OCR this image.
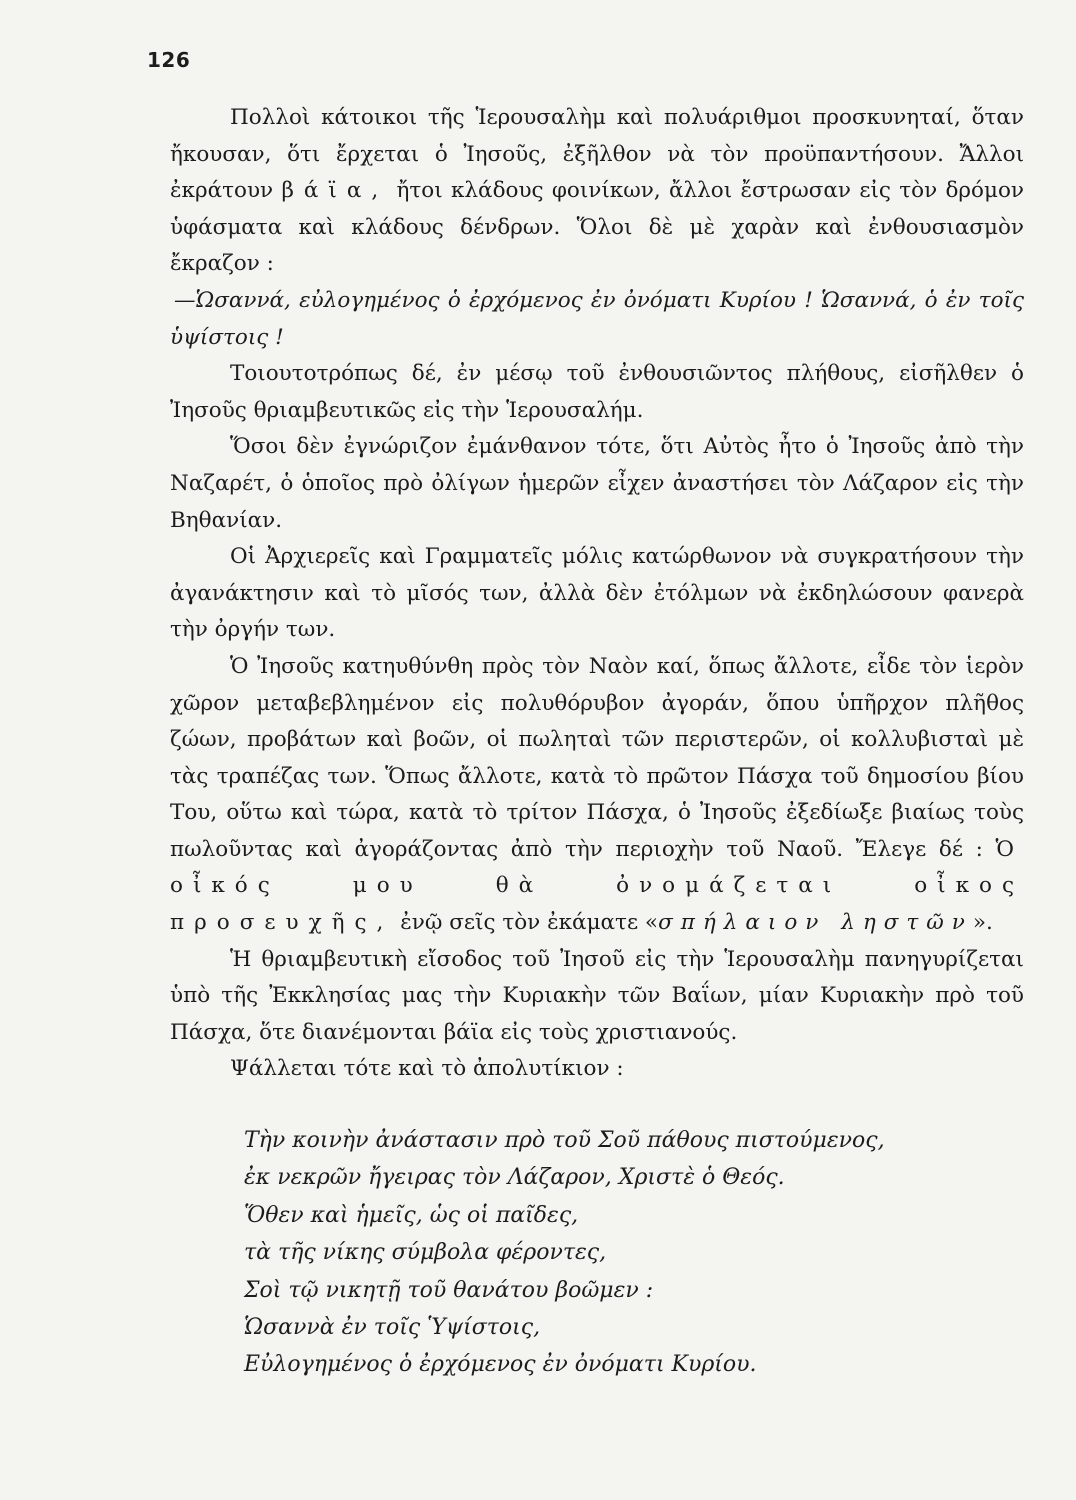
126

Πολλοὶ κάτοικοι τῆς Ἱερουσαλὴμ καὶ πολυάριθμοι προσκυνηταί, ὅταν ἤκουσαν, ὅτι ἔρχεται ὁ Ἰησοῦς, ἐξῆλθον νὰ τὸν προϋπαντήσουν. Ἄλλοι ἐκράτουν βάϊα, ἤτοι κλάδους φοινίκων, ἄλλοι ἔστρωσαν εἰς τὸν δρόμον ὑφάσματα καὶ κλάδους δένδρων. Ὅλοι δὲ μὲ χαρὰν καὶ ἐνθουσιασμὸν ἔκραζον :

—Ὡσαννά, εὐλογημένος ὁ ἐρχόμενος ἐν ὀνόματι Κυρίου ! Ὡσαννά, ὁ ἐν τοῖς ὑψίστοις !

Τοιουτοτρόπως δέ, ἐν μέσῳ τοῦ ἐνθουσιῶντος πλήθους, εἰσῆλθεν ὁ Ἰησοῦς θριαμβευτικῶς εἰς τὴν Ἱερουσαλήμ.

Ὅσοι δὲν ἐγνώριζον ἐμάνθανον τότε, ὅτι Αὐτὸς ἦτο ὁ Ἰησοῦς ἀπὸ τὴν Ναζαρέτ, ὁ ὁποῖος πρὸ ὀλίγων ἡμερῶν εἶχεν ἀναστήσει τὸν Λάζαρον εἰς τὴν Βηθανίαν.

Οἱ Ἀρχιερεῖς καὶ Γραμματεῖς μόλις κατώρθωνον νὰ συγκρατήσουν τὴν ἀγανάκτησιν καὶ τὸ μῖσός των, ἀλλὰ δὲν ἐτόλμων νὰ ἐκδηλώσουν φανερὰ τὴν ὀργήν των.

Ὁ Ἰησοῦς κατηυθύνθη πρὸς τὸν Ναὸν καί, ὅπως ἄλλοτε, εἶδε τὸν ἱερὸν χῶρον μεταβεβλημένον εἰς πολυθόρυβον ἀγοράν, ὅπου ὑπῆρχον πλῆθος ζώων, προβάτων καὶ βοῶν, οἱ πωληταὶ τῶν περιστερῶν, οἱ κολλυβισταὶ μὲ τὰς τραπέζας των. Ὅπως ἄλλοτε, κατὰ τὸ πρῶτον Πάσχα τοῦ δημοσίου βίου Του, οὕτω καὶ τώρα, κατὰ τὸ τρίτον Πάσχα, ὁ Ἰησοῦς ἐξεδίωξε βιαίως τοὺς πωλοῦντας καὶ ἀγοράζοντας ἀπὸ τὴν περιοχὴν τοῦ Ναοῦ. Ἔλεγε δέ : Ὁ οἶκός μου θὰ ὀνομάζεται οἶκος προσευχῆς, ἐνῷ σεῖς τὸν ἐκάματε «σπήλαιον ληστῶν».

Ἡ θριαμβευτικὴ εἴσοδος τοῦ Ἰησοῦ εἰς τὴν Ἱερουσαλὴμ πανηγυρίζεται ὑπὸ τῆς Ἐκκλησίας μας τὴν Κυριακὴν τῶν Βαΐων, μίαν Κυριακὴν πρὸ τοῦ Πάσχα, ὅτε διανέμονται βάϊα εἰς τοὺς χριστιανούς.

Ψάλλεται τότε καὶ τὸ ἀπολυτίκιον :

Τὴν κοινὴν ἀνάστασιν πρὸ τοῦ Σοῦ πάθους πιστούμενος,
ἐκ νεκρῶν ἤγειρας τὸν Λάζαρον, Χριστὲ ὁ Θεός.
Ὅθεν καὶ ἡμεῖς, ὡς οἱ παῖδες,
τὰ τῆς νίκης σύμβολα φέροντες,
Σοὶ τῷ νικητῇ τοῦ θανάτου βοῶμεν :
Ὡσαννὰ ἐν τοῖς Ὑψίστοις,
Εὐλογημένος ὁ ἐρχόμενος ἐν ὀνόματι Κυρίου.
